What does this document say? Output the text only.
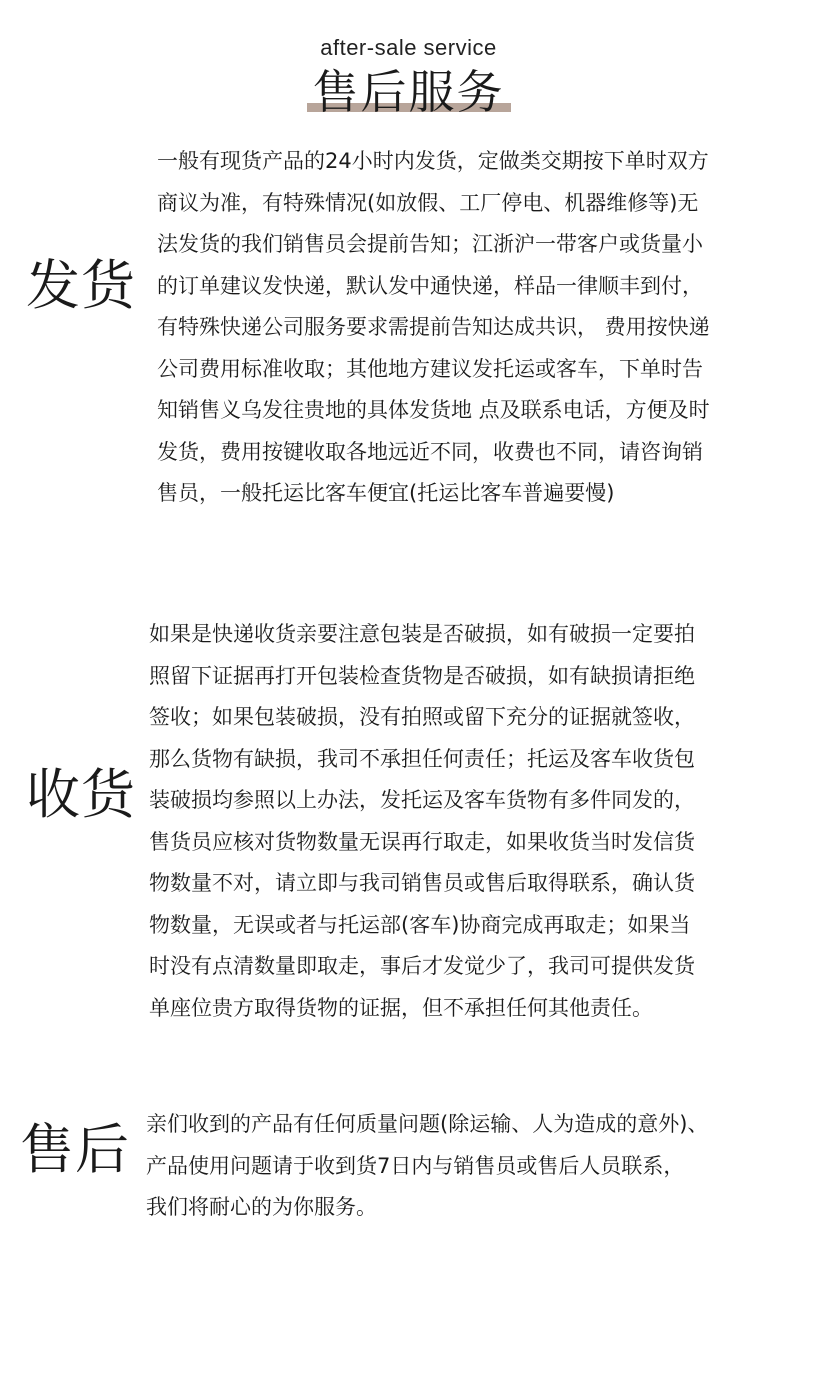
after-sale service
售后服务
发货
一般有现货产品的24小时内发货，定做类交期按下单时双方
商议为准，有特殊情况(如放假、工厂停电、机器维修等)无
法发货的我们销售员会提前告知；江浙沪一带客户或货量小
的订单建议发快递，默认发中通快递，样品一律顺丰到付，
有特殊快递公司服务要求需提前告知达成共识， 费用按快递
公司费用标准收取；其他地方建议发托运或客车，下单时告
知销售义乌发往贵地的具体发货地 点及联系电话，方便及时
发货，费用按键收取各地远近不同，收费也不同，请咨询销
售员，一般托运比客车便宜(托运比客车普遍要慢)
收货
如果是快递收货亲要注意包装是否破损，如有破损一定要拍
照留下证据再打开包装检查货物是否破损，如有缺损请拒绝
签收；如果包装破损，没有拍照或留下充分的证据就签收，
那么货物有缺损，我司不承担任何责任；托运及客车收货包
装破损均参照以上办法，发托运及客车货物有多件同发的，
售货员应核对货物数量无误再行取走，如果收货当时发信货
物数量不对，请立即与我司销售员或售后取得联系，确认货
物数量，无误或者与托运部(客车)协商完成再取走；如果当
时没有点清数量即取走，事后才发觉少了，我司可提供发货
单座位贵方取得货物的证据，但不承担任何其他责任。
售后 亲们收到的产品有任何质量问题(除运输、人为造成的意外)、
产品使用问题请于收到货7日内与销售员或售后人员联系，
我们将耐心的为你服务。
